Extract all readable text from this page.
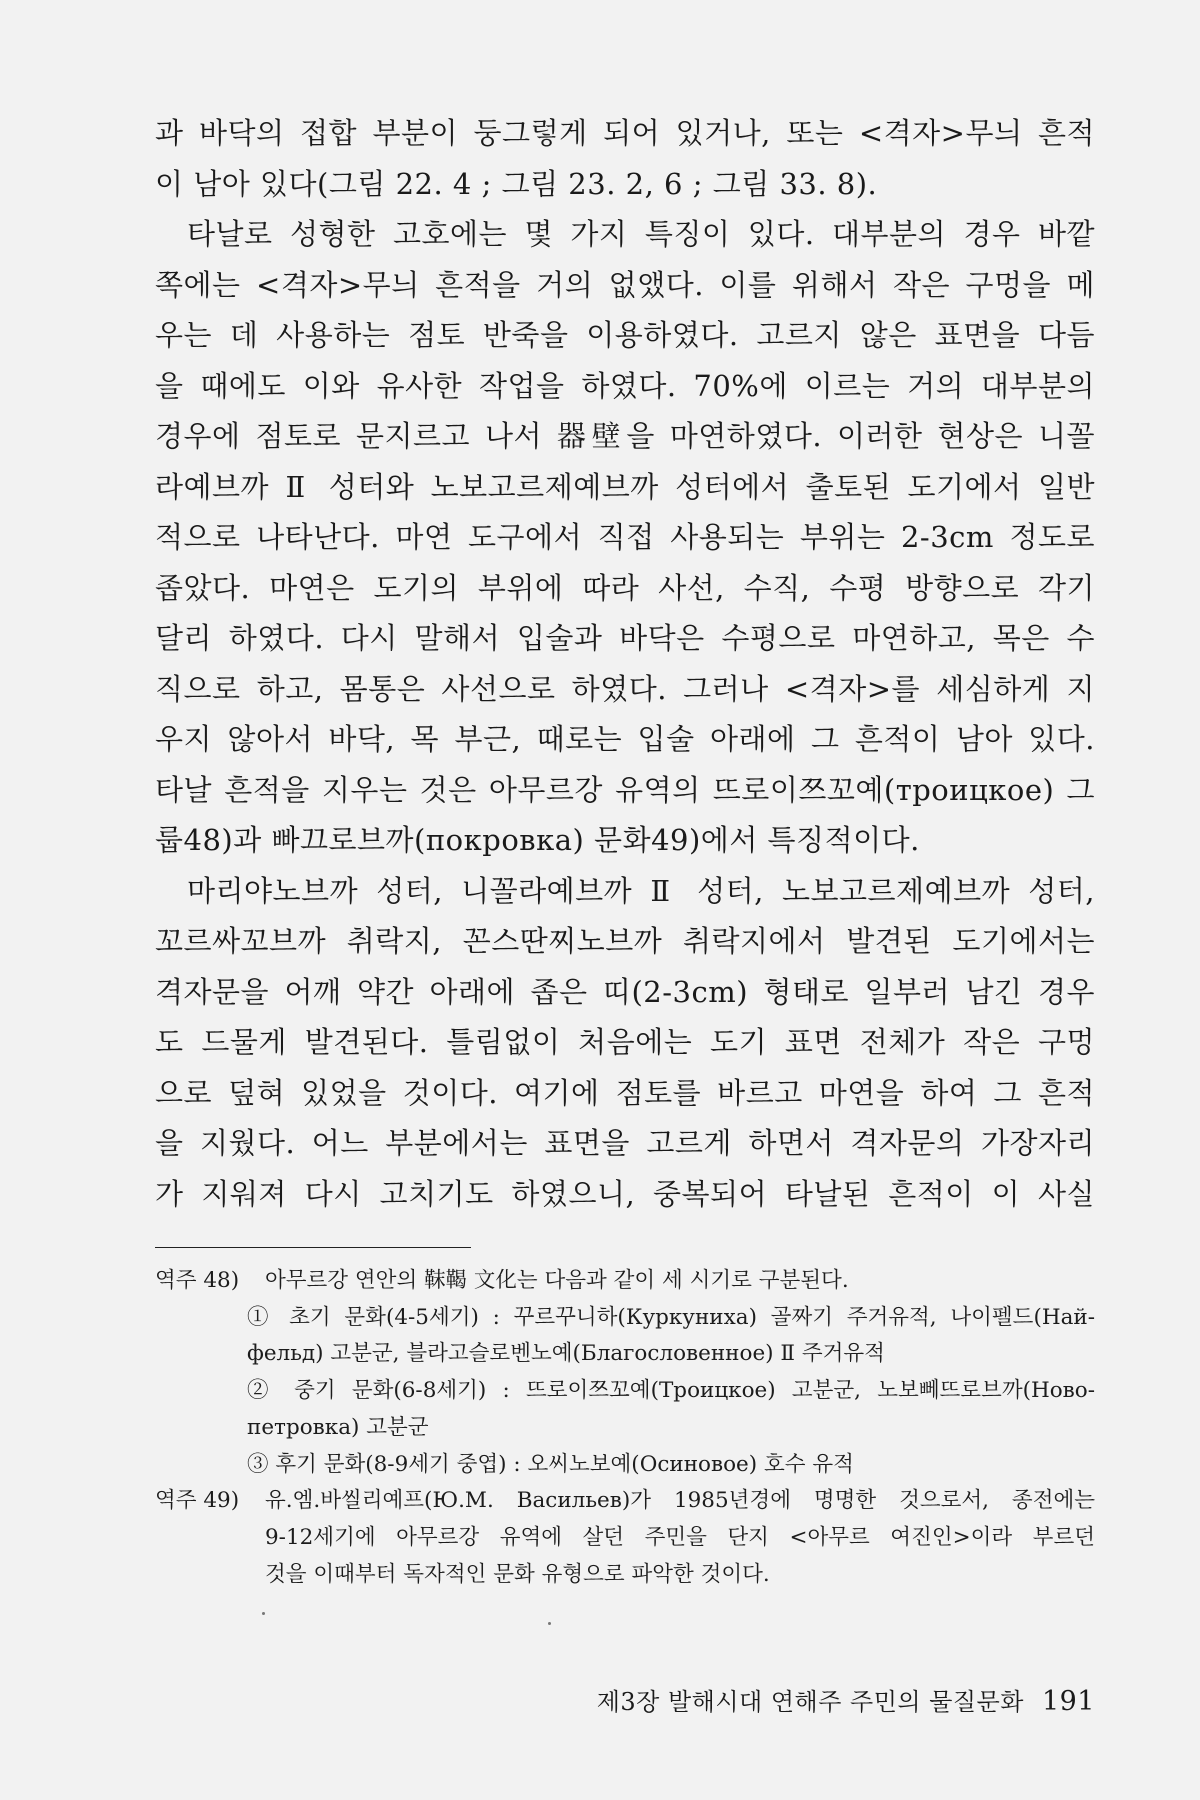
과 바닥의 접합 부분이 둥그렇게 되어 있거나, 또는 <격자>무늬 흔적
이 남아 있다(그림 22. 4 ; 그림 23. 2, 6 ; 그림 33. 8).
타날로 성형한 고호에는 몇 가지 특징이 있다. 대부분의 경우 바깥
쪽에는 <격자>무늬 흔적을 거의 없앴다. 이를 위해서 작은 구멍을 메
우는 데 사용하는 점토 반죽을 이용하였다. 고르지 않은 표면을 다듬
을 때에도 이와 유사한 작업을 하였다. 70%에 이르는 거의 대부분의
경우에 점토로 문지르고 나서 器壁을 마연하였다. 이러한 현상은 니꼴
라예브까 Ⅱ 성터와 노보고르제예브까 성터에서 출토된 도기에서 일반
적으로 나타난다. 마연 도구에서 직접 사용되는 부위는 2-3cm 정도로
좁았다. 마연은 도기의 부위에 따라 사선, 수직, 수평 방향으로 각기
달리 하였다. 다시 말해서 입술과 바닥은 수평으로 마연하고, 목은 수
직으로 하고, 몸통은 사선으로 하였다. 그러나 <격자>를 세심하게 지
우지 않아서 바닥, 목 부근, 때로는 입술 아래에 그 흔적이 남아 있다.
타날 흔적을 지우는 것은 아무르강 유역의 뜨로이쯔꼬예(троицкое) 그
룹48)과 빠끄로브까(покровка) 문화49)에서 특징적이다.
마리야노브까 성터, 니꼴라예브까 Ⅱ 성터, 노보고르제예브까 성터,
꼬르싸꼬브까 취락지, 꼰스딴찌노브까 취락지에서 발견된 도기에서는
격자문을 어깨 약간 아래에 좁은 띠(2-3cm) 형태로 일부러 남긴 경우
도 드물게 발견된다. 틀림없이 처음에는 도기 표면 전체가 작은 구멍
으로 덮혀 있었을 것이다. 여기에 점토를 바르고 마연을 하여 그 흔적
을 지웠다. 어느 부분에서는 표면을 고르게 하면서 격자문의 가장자리
가 지워져 다시 고치기도 하였으니, 중복되어 타날된 흔적이 이 사실
역주 48)	아무르강 연안의 靺鞨 文化는 다음과 같이 세 시기로 구분된다.
① 초기 문화(4-5세기) : 꾸르꾸니하(Куркуниха) 골짜기 주거유적, 나이펠드(Най-
фельд) 고분군, 블라고슬로벤노예(Благословенное) Ⅱ 주거유적
② 중기 문화(6-8세기) : 뜨로이쯔꼬예(Троицкое) 고분군, 노보뻬뜨로브까(Ново-
петровка) 고분군
③ 후기 문화(8-9세기 중엽) : 오씨노보예(Осиновое) 호수 유적
역주 49)	유.엠.바씰리예프(Ю.М. Васильев)가 1985년경에 명명한 것으로서, 종전에는
9-12세기에 아무르강 유역에 살던 주민을 단지 <아무르 여진인>이라 부르던
것을 이때부터 독자적인 문화 유형으로 파악한 것이다.
제3장 발해시대 연해주 주민의 물질문화 191
